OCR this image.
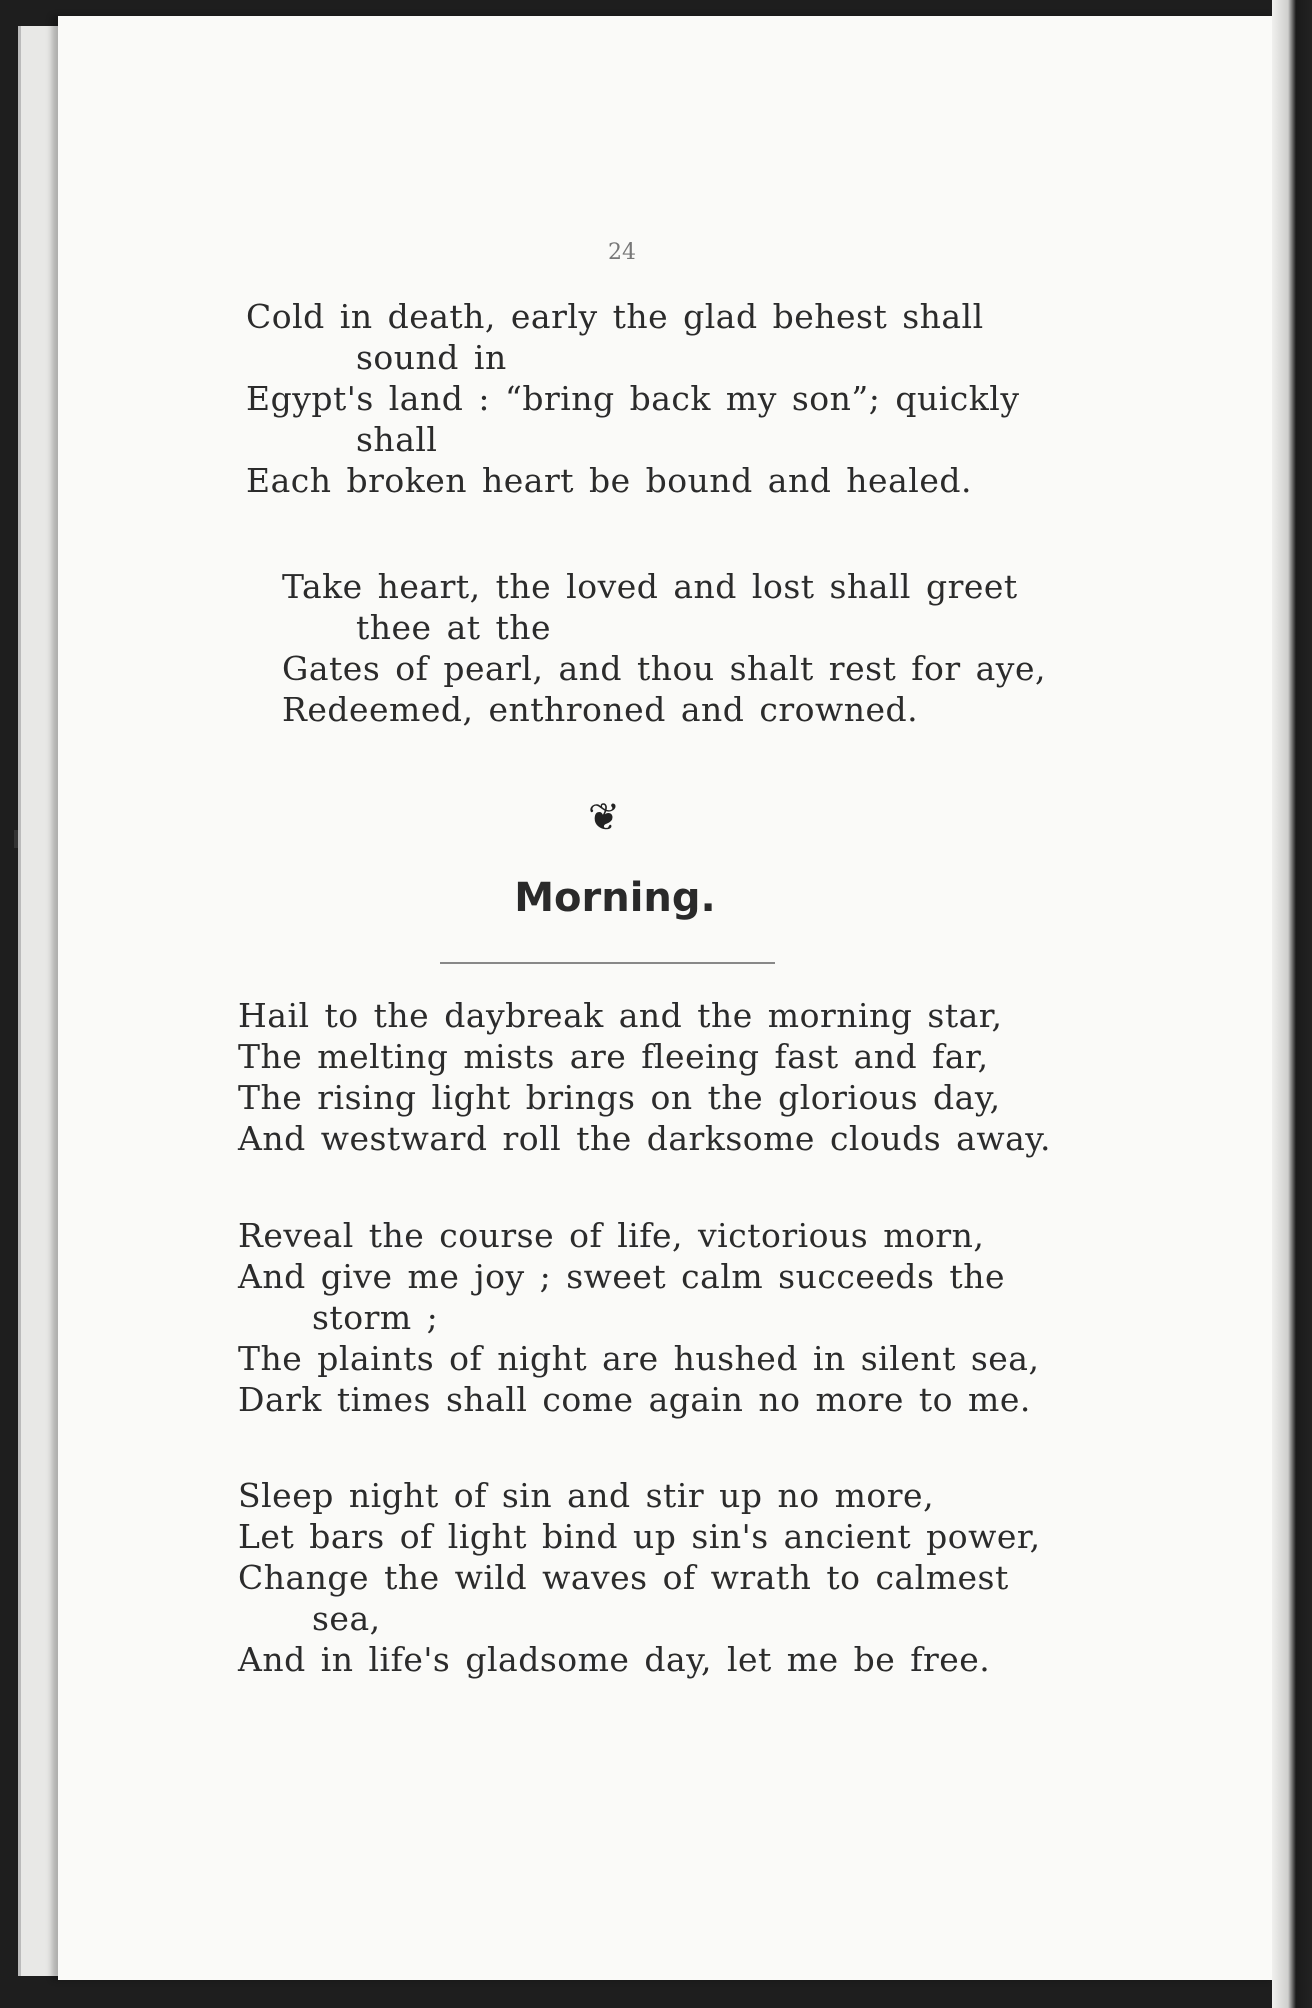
24
Cold in death, early the glad behest shall
sound in
Egypt's land : “bring back my son”; quickly
shall
Each broken heart be bound and healed.
Take heart, the loved and lost shall greet
thee at the
Gates of pearl, and thou shalt rest for aye,
Redeemed, enthroned and crowned.
❦
Morning.
Hail to the daybreak and the morning star,
The melting mists are fleeing fast and far,
The rising light brings on the glorious day,
And westward roll the darksome clouds away.
Reveal the course of life, victorious morn,
And give me joy ; sweet calm succeeds the
storm ;
The plaints of night are hushed in silent sea,
Dark times shall come again no more to me.
Sleep night of sin and stir up no more,
Let bars of light bind up sin's ancient power,
Change the wild waves of wrath to calmest
sea,
And in life's gladsome day, let me be free.
